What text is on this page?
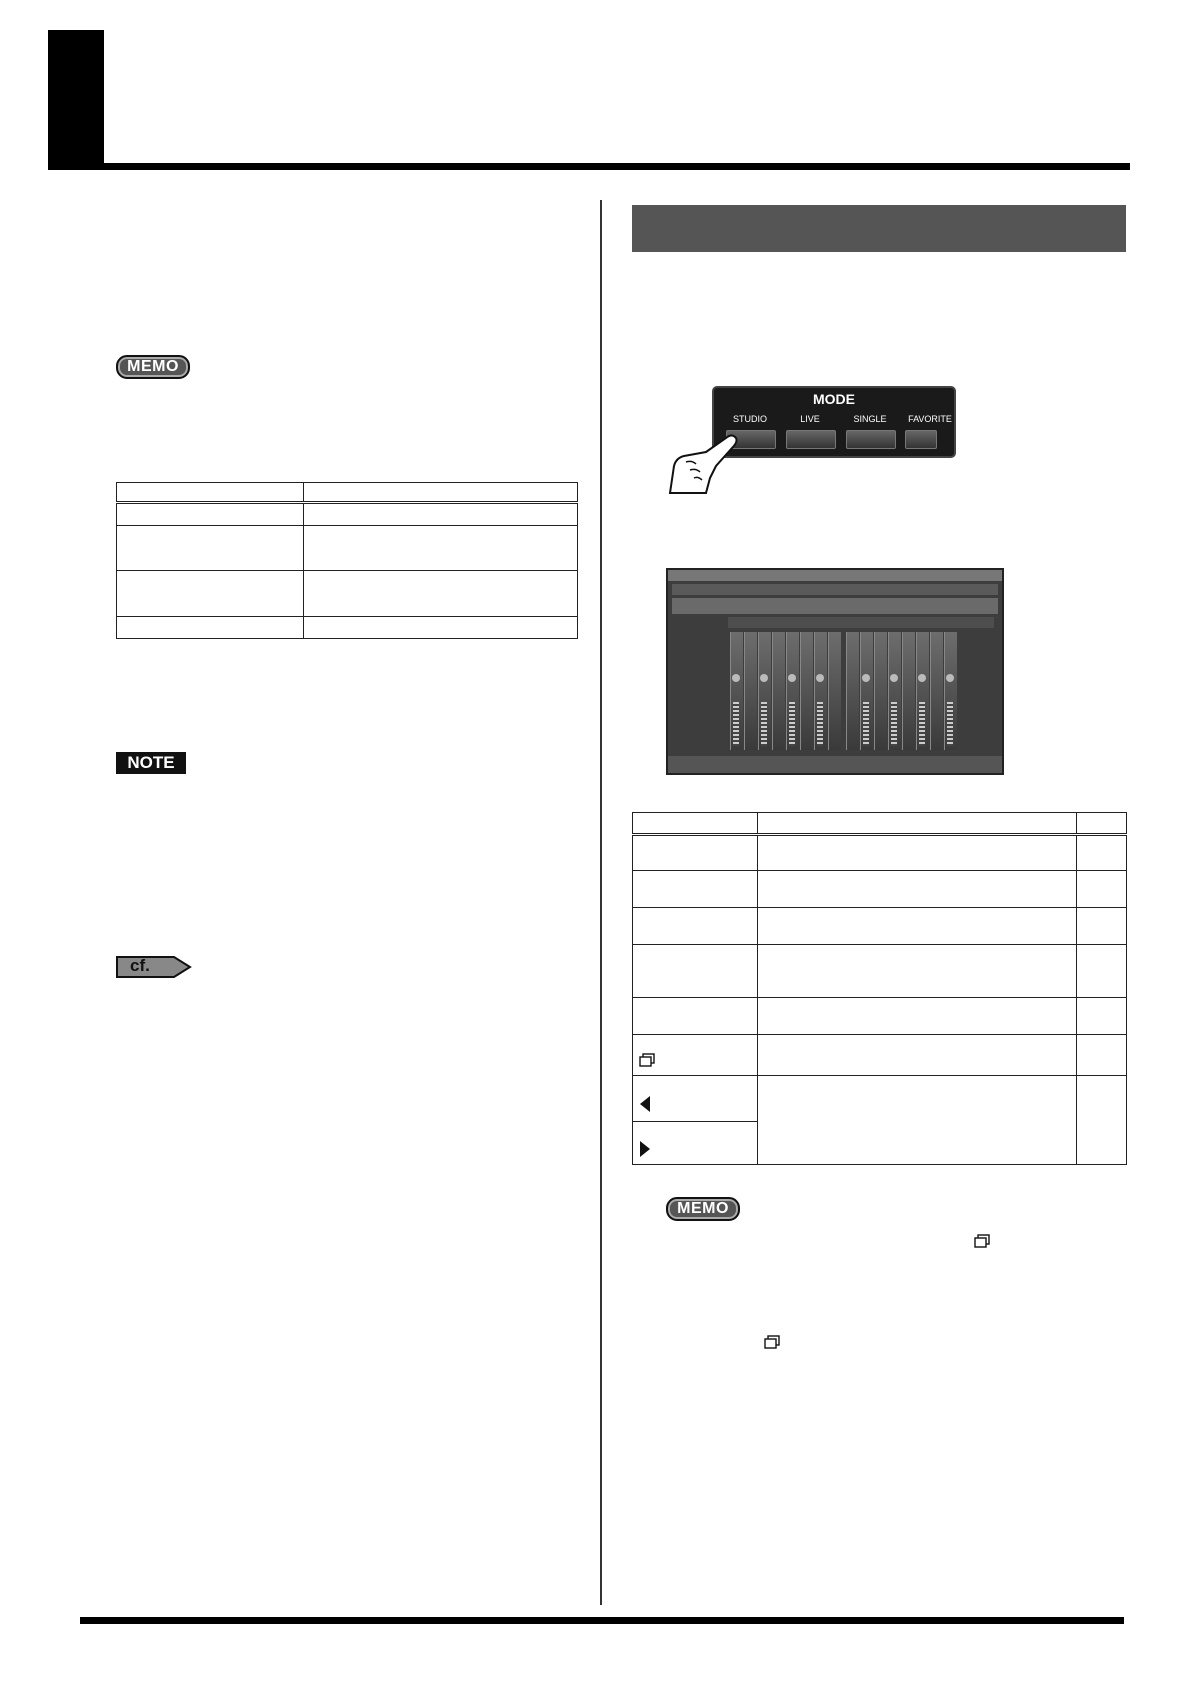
MEMO

NOTE
cf.
MODE
STUDIO	LIVE	SINGLE	FAVORITE

MEMO
